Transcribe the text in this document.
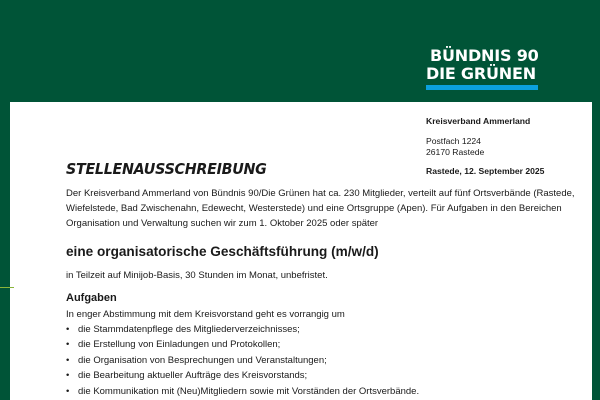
BÜNDNIS 90
DIE GRÜNEN
Kreisverband Ammerland
Postfach 1224
26170 Rastede
Rastede, 12. September 2025
STELLENAUSSCHREIBUNG
Der Kreisverband Ammerland von Bündnis 90/Die Grünen hat ca. 230 Mitglieder, verteilt auf fünf Ortsverbände (Rastede, Wiefelstede, Bad Zwischenahn, Edewecht, Westerstede) und eine Ortsgruppe (Apen). Für Aufgaben in den Bereichen Organisation und Verwaltung suchen wir zum 1. Oktober 2025 oder später
eine organisatorische Geschäftsführung (m/w/d)
in Teilzeit auf Minijob-Basis, 30 Stunden im Monat, unbefristet.
Aufgaben
In enger Abstimmung mit dem Kreisvorstand geht es vorrangig um
• die Stammdatenpflege des Mitgliederverzeichnisses;
• die Erstellung von Einladungen und Protokollen;
• die Organisation von Besprechungen und Veranstaltungen;
• die Bearbeitung aktueller Aufträge des Kreisvorstands;
• die Kommunikation mit (Neu)Mitgliedern sowie mit Vorständen der Ortsverbände.
